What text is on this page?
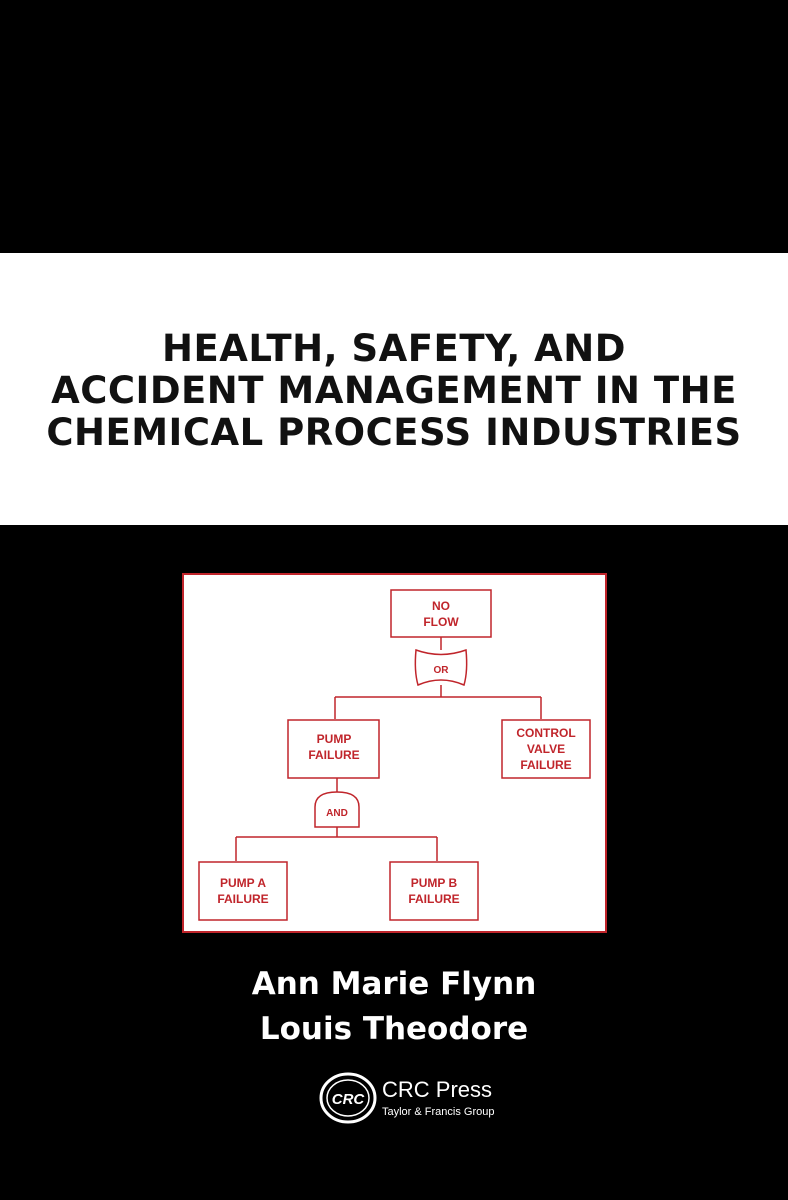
HEALTH, SAFETY, AND
ACCIDENT MANAGEMENT IN THE
CHEMICAL PROCESS INDUSTRIES
NO
FLOW
OR
PUMP
FAILURE
CONTROL
VALVE
FAILURE
AND
PUMP A
FAILURE
PUMP B
FAILURE
Ann Marie Flynn
Louis Theodore
CRC CRC Press
Taylor & Francis Group
